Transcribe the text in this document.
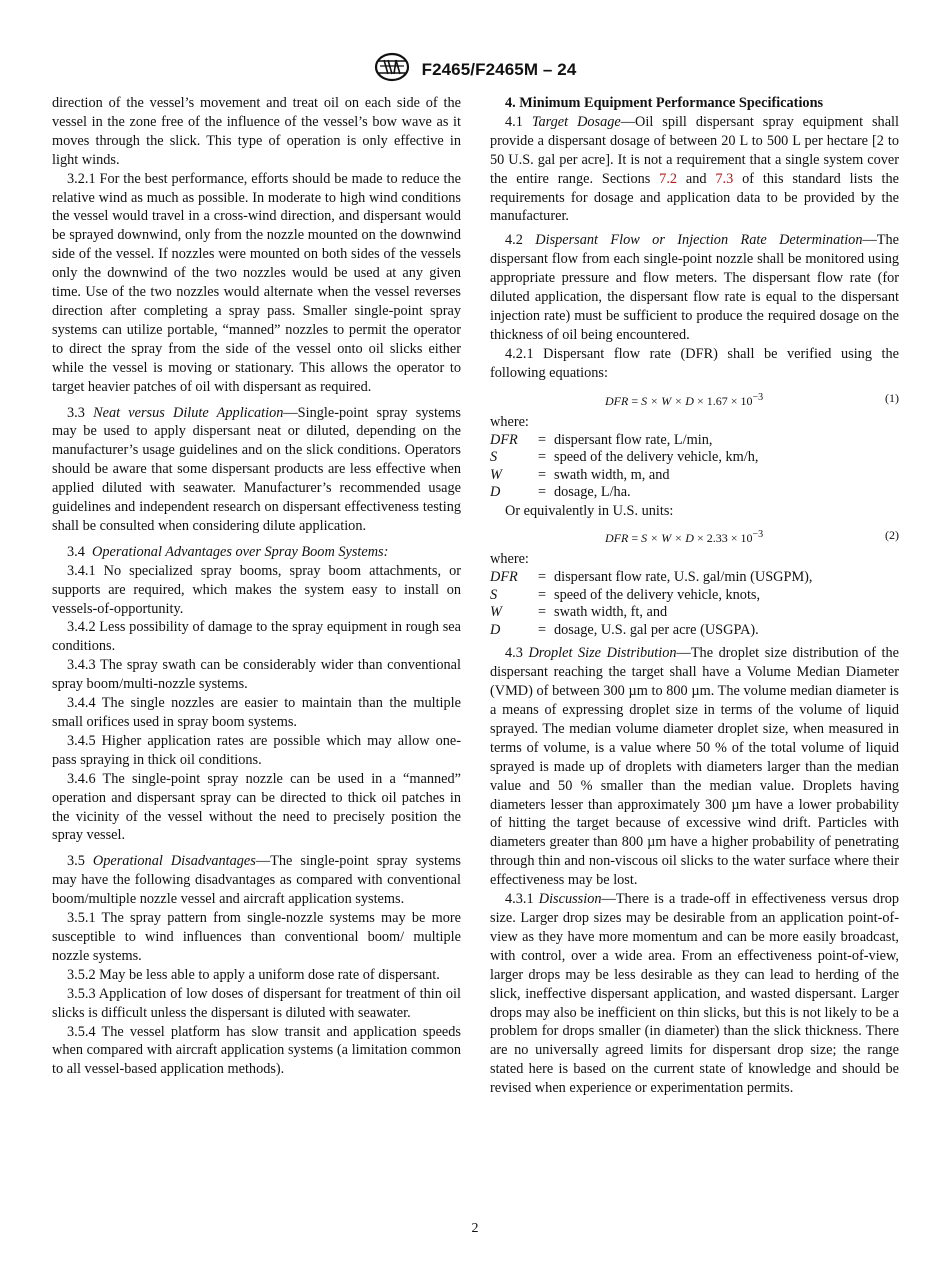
F2465/F2465M – 24

direction of the vessel’s movement and treat oil on each side of the vessel in the zone free of the influence of the vessel’s bow wave as it moves through the slick. This type of operation is only effective in light winds.

3.2.1 For the best performance, efforts should be made to reduce the relative wind as much as possible. In moderate to high wind conditions the vessel would travel in a cross-wind direction, and dispersant would be sprayed downwind, only from the nozzle mounted on the downwind side of the vessel. If nozzles were mounted on both sides of the vessels only the downwind of the two nozzles would be used at any given time. Use of the two nozzles would alternate when the vessel reverses direction after completing a spray pass. Smaller single-point spray systems can utilize portable, “manned” nozzles to permit the operator to direct the spray from the side of the vessel onto oil slicks either while the vessel is moving or stationary. This allows the operator to target heavier patches of oil with dispersant as required.

3.3 Neat versus Dilute Application—Single-point spray systems may be used to apply dispersant neat or diluted, depending on the manufacturer’s usage guidelines and on the slick conditions. Operators should be aware that some dispersant products are less effective when applied diluted with seawater. Manufacturer’s recommended usage guidelines and independent research on dispersant effectiveness testing shall be consulted when considering dilute application.

3.4 Operational Advantages over Spray Boom Systems:

3.4.1 No specialized spray booms, spray boom attachments, or supports are required, which makes the system easy to install on vessels-of-opportunity.

3.4.2 Less possibility of damage to the spray equipment in rough sea conditions.

3.4.3 The spray swath can be considerably wider than conventional spray boom/multi-nozzle systems.

3.4.4 The single nozzles are easier to maintain than the multiple small orifices used in spray boom systems.

3.4.5 Higher application rates are possible which may allow one-pass spraying in thick oil conditions.

3.4.6 The single-point spray nozzle can be used in a “manned” operation and dispersant spray can be directed to thick oil patches in the vicinity of the vessel without the need to precisely position the spray vessel.

3.5 Operational Disadvantages—The single-point spray systems may have the following disadvantages as compared with conventional boom/multiple nozzle vessel and aircraft application systems.

3.5.1 The spray pattern from single-nozzle systems may be more susceptible to wind influences than conventional boom/ multiple nozzle systems.

3.5.2 May be less able to apply a uniform dose rate of dispersant.

3.5.3 Application of low doses of dispersant for treatment of thin oil slicks is difficult unless the dispersant is diluted with seawater.

3.5.4 The vessel platform has slow transit and application speeds when compared with aircraft application systems (a limitation common to all vessel-based application methods).

4. Minimum Equipment Performance Specifications

4.1 Target Dosage—Oil spill dispersant spray equipment shall provide a dispersant dosage of between 20 L to 500 L per hectare [2 to 50 U.S. gal per acre]. It is not a requirement that a single system cover the entire range. Sections 7.2 and 7.3 of this standard lists the requirements for dosage and application data to be provided by the manufacturer.

4.2 Dispersant Flow or Injection Rate Determination—The dispersant flow from each single-point nozzle shall be monitored using appropriate pressure and flow meters. The dispersant flow rate (for diluted application, the dispersant flow rate is equal to the dispersant injection rate) must be sufficient to produce the required dosage on the thickness of oil being encountered.

4.2.1 Dispersant flow rate (DFR) shall be verified using the following equations:

DFR = $S \times W \times D \times 1.67 \times 10^{-3}$	(1)

where:

DFR	= dispersant flow rate, L/min,
S	= speed of the delivery vehicle, km/h,
W	= swath width, m, and
D	= dosage, L/ha.

Or equivalently in U.S. units:

DFR = $S \times W \times D \times 2.33 \times 10^{-3}$	(2)

where:

DFR	= dispersant flow rate, U.S. gal/min (USGPM),
S	= speed of the delivery vehicle, knots,
W	= swath width, ft, and
D	= dosage, U.S. gal per acre (USGPA).

4.3 Droplet Size Distribution—The droplet size distribution of the dispersant reaching the target shall have a Volume Median Diameter (VMD) of between 300 µm to 800 µm. The volume median diameter is a means of expressing droplet size in terms of the volume of liquid sprayed. The median volume diameter droplet size, when measured in terms of volume, is a value where 50 % of the total volume of liquid sprayed is made up of droplets with diameters larger than the median value and 50 % smaller than the median value. Droplets having diameters lesser than approximately 300 µm have a lower probability of hitting the target because of excessive wind drift. Particles with diameters greater than 800 µm have a higher probability of penetrating through thin and non-viscous oil slicks to the water surface where their effectiveness may be lost.

4.3.1 Discussion—There is a trade-off in effectiveness versus drop size. Larger drop sizes may be desirable from an application point-of-view as they have more momentum and can be more easily broadcast, with control, over a wide area. From an effectiveness point-of-view, larger drops may be less desirable as they can lead to herding of the slick, ineffective dispersant application, and wasted dispersant. Larger drops may also be inefficient on thin slicks, but this is not likely to be a problem for drops smaller (in diameter) than the slick thickness. There are no universally agreed limits for dispersant drop size; the range stated here is based on the current state of knowledge and should be revised when experience or experimentation permits.

2
